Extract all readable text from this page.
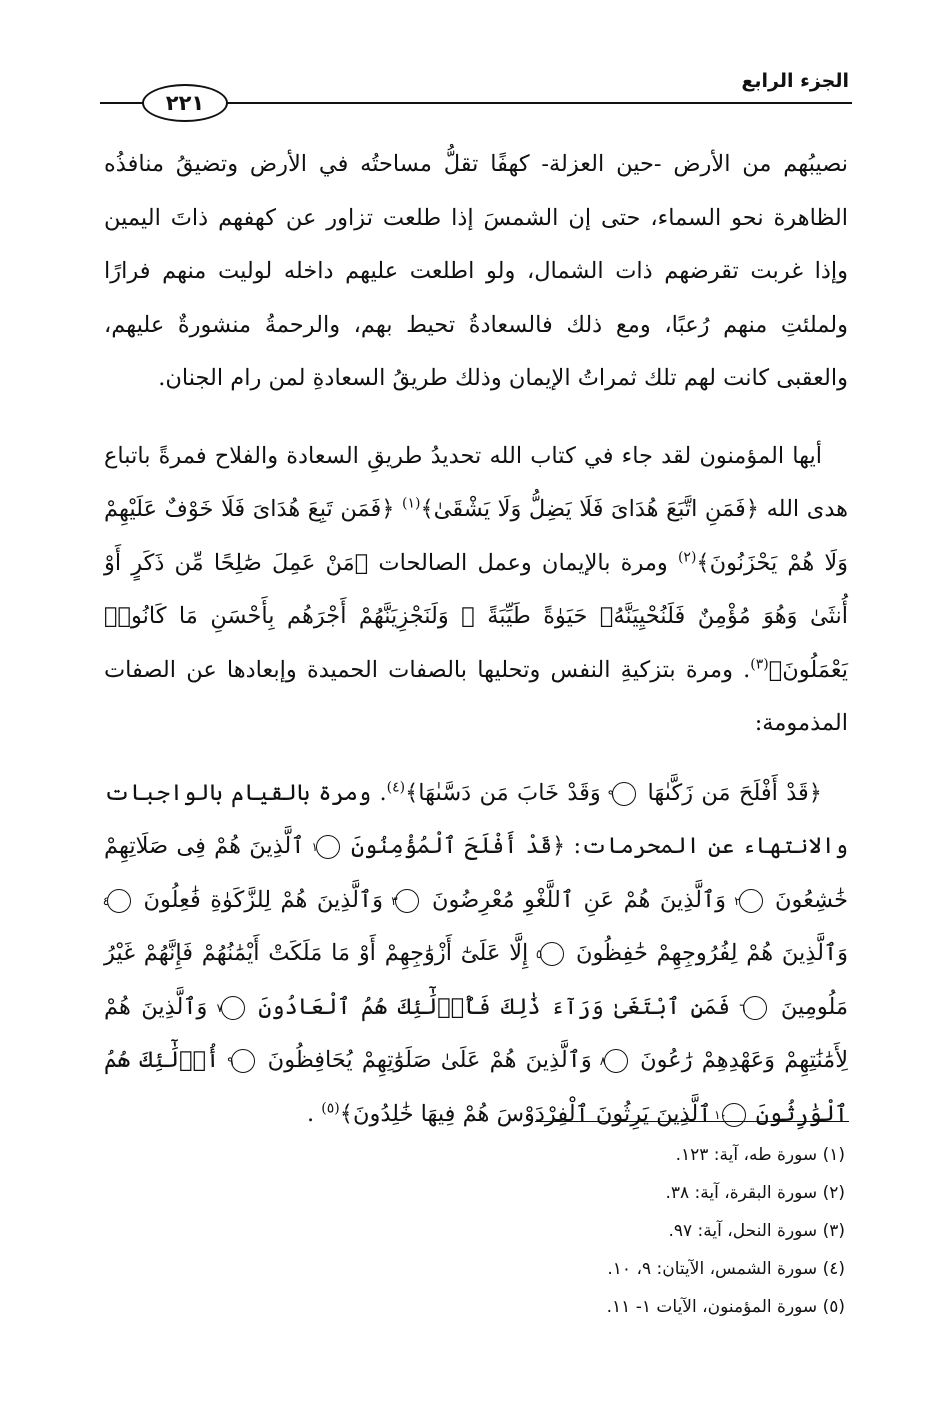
الجزء الرابع
٢٢١

نصيبُهم من الأرض -حين العزلة- كهفًا تقلُّ مساحتُه في الأرض وتضيقُ منافذُه الظاهرة نحو السماء، حتى إن الشمسَ إذا طلعت تزاور عن كهفهم ذاتَ اليمين وإذا غربت تقرضهم ذات الشمال، ولو اطلعت عليهم داخله لوليت منهم فرارًا ولملئتِ منهم رُعبًا، ومع ذلك فالسعادةُ تحيط بهم، والرحمةُ منشورةٌ عليهم، والعقبى كانت لهم تلك ثمراتُ الإيمان وذلك طريقُ السعادةِ لمن رام الجنان.

أيها المؤمنون لقد جاء في كتاب الله تحديدُ طريقِ السعادة والفلاح فمرةً باتباع هدى الله ﴿فَمَنِ اتَّبَعَ هُدَاىَ فَلَا يَضِلُّ وَلَا يَشْقَىٰ﴾$^{(١)}$ ﴿فَمَن تَبِعَ هُدَاىَ فَلَا خَوْفٌ عَلَيْهِمْ وَلَا هُمْ يَحْزَنُونَ﴾$^{(٢)}$ ومرة بالإيمان وعمل الصالحات ﴿مَنْ عَمِلَ صَٰلِحًا مِّن ذَكَرٍ أَوْ أُنثَىٰ وَهُوَ مُؤْمِنٌ فَلَنُحْيِيَنَّهُۥ حَيَوٰةً طَيِّبَةً ۖ وَلَنَجْزِيَنَّهُمْ أَجْرَهُم بِأَحْسَنِ مَا كَانُوا۟ يَعْمَلُونَ﴾$^{(٣)}$. ومرة بتزكيةِ النفس وتحليها بالصفات الحميدة وإبعادها عن الصفات المذمومة:

﴿قَدْ أَفْلَحَ مَن زَكَّىٰهَا ٩ وَقَدْ خَابَ مَن دَسَّىٰهَا﴾$^{(٤)}$. ومرة بالقيام بالواجبات والانتهاء عن المحرمات: ﴿قَدْ أَفْلَحَ ٱلْمُؤْمِنُونَ ١ ٱلَّذِينَ هُمْ فِى صَلَاتِهِمْ خَٰشِعُونَ ٢ وَٱلَّذِينَ هُمْ عَنِ ٱللَّغْوِ مُعْرِضُونَ ٣ وَٱلَّذِينَ هُمْ لِلزَّكَوٰةِ فَٰعِلُونَ ٤ وَٱلَّذِينَ هُمْ لِفُرُوجِهِمْ حَٰفِظُونَ ٥ إِلَّا عَلَىٰٓ أَزْوَٰجِهِمْ أَوْ مَا مَلَكَتْ أَيْمَٰنُهُمْ فَإِنَّهُمْ غَيْرُ مَلُومِينَ ٦ فَمَنِ ٱبْتَغَىٰ وَرَآءَ ذَٰلِكَ فَأُو۟لَٰٓئِكَ هُمُ ٱلْعَادُونَ ٧ وَٱلَّذِينَ هُمْ لِأَمَٰنَٰتِهِمْ وَعَهْدِهِمْ رَٰعُونَ ٨ وَٱلَّذِينَ هُمْ عَلَىٰ صَلَوَٰتِهِمْ يُحَافِظُونَ ٩ أُو۟لَٰٓئِكَ هُمُ ٱلْوَٰرِثُونَ ١٠ ٱلَّذِينَ يَرِثُونَ ٱلْفِرْدَوْسَ هُمْ فِيهَا خَٰلِدُونَ﴾$^{(٥)}$ .

(١) سورة طه، آية: ١٢٣.

(٢) سورة البقرة، آية: ٣٨.

(٣) سورة النحل، آية: ٩٧.

(٤) سورة الشمس، الآيتان: ٩، ١٠.

(٥) سورة المؤمنون، الآيات ١- ١١.
